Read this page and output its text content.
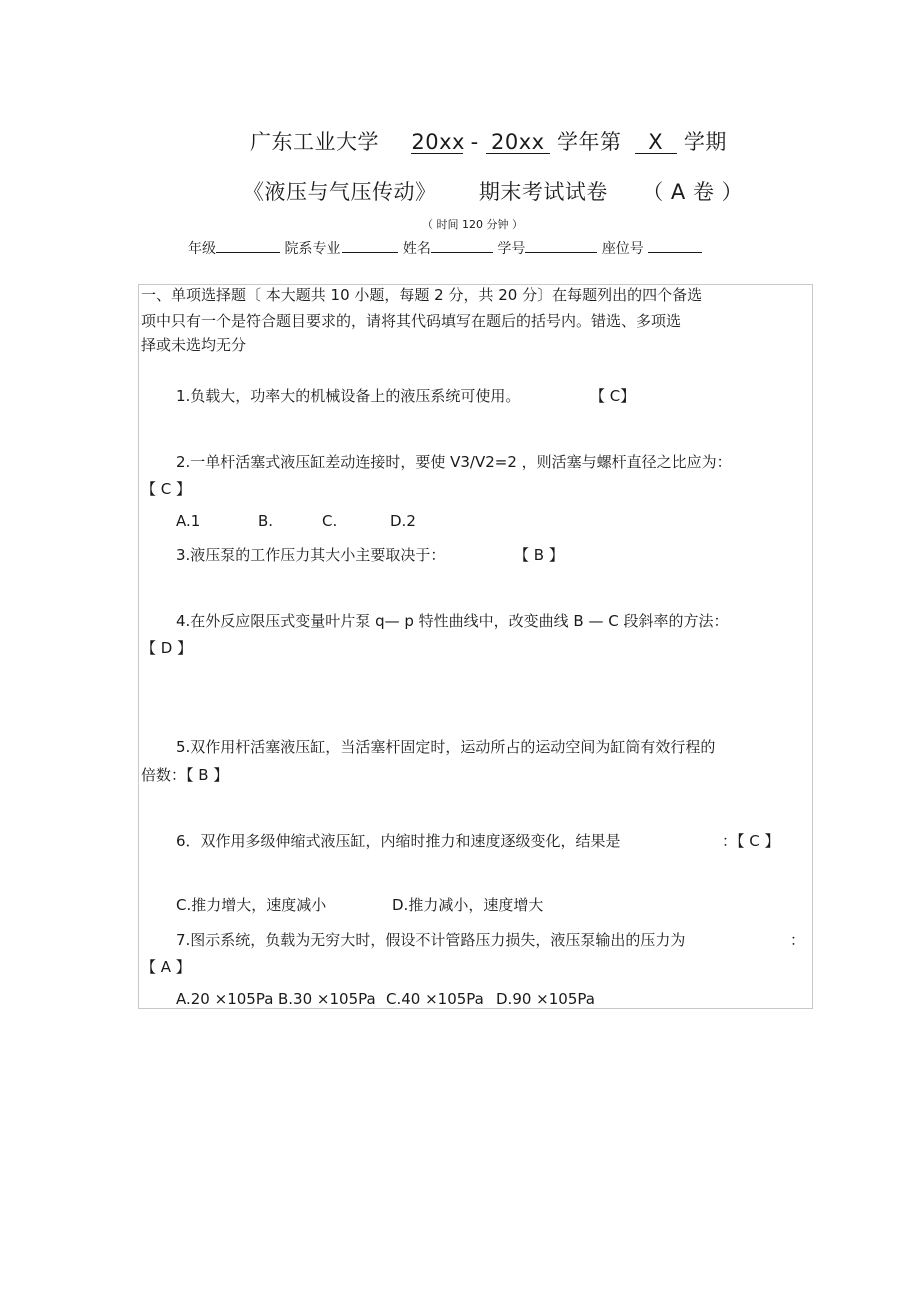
广东工业大学 20xx - 20xx 学年第 X 学期
《液压与气压传动》 期末考试试卷 （ A 卷 ）
（ 时间 120 分钟 ）
年级	院系专业	姓名	学号	座位号
一、单项选择题〔 本大题共 10 小题，每题 2 分，共 20 分〕在每题列出的四个备选
项中只有一个是符合题目要求的，请将其代码填写在题后的括号内。错选、多项选
择或未选均无分
1.负载大，功率大的机械设备上的液压系统可使用。	【 C】
2.一单杆活塞式液压缸差动连接时，要使 V3/V2=2 ，则活塞与螺杆直径之比应为：
【 C 】
A.1	B.	C.	D.2
3.液压泵的工作压力其大小主要取决于：	【 B 】
4.在外反应限压式变量叶片泵 q— p 特性曲线中，改变曲线 B — C 段斜率的方法：
【 D 】
5.双作用杆活塞液压缸，当活塞杆固定时，运动所占的运动空间为缸筒有效行程的
倍数：【 B 】
6．双作用多级伸缩式液压缸，内缩时推力和速度逐级变化，结果是	：【 C 】
C.推力增大，速度减小	D.推力减小，速度增大
7.图示系统，负载为无穷大时，假设不计管路压力损失，液压泵输出的压力为	：
【 A 】
A.20 ×105Pa B.30 ×105Pa C.40 ×105Pa D.90 ×105Pa
